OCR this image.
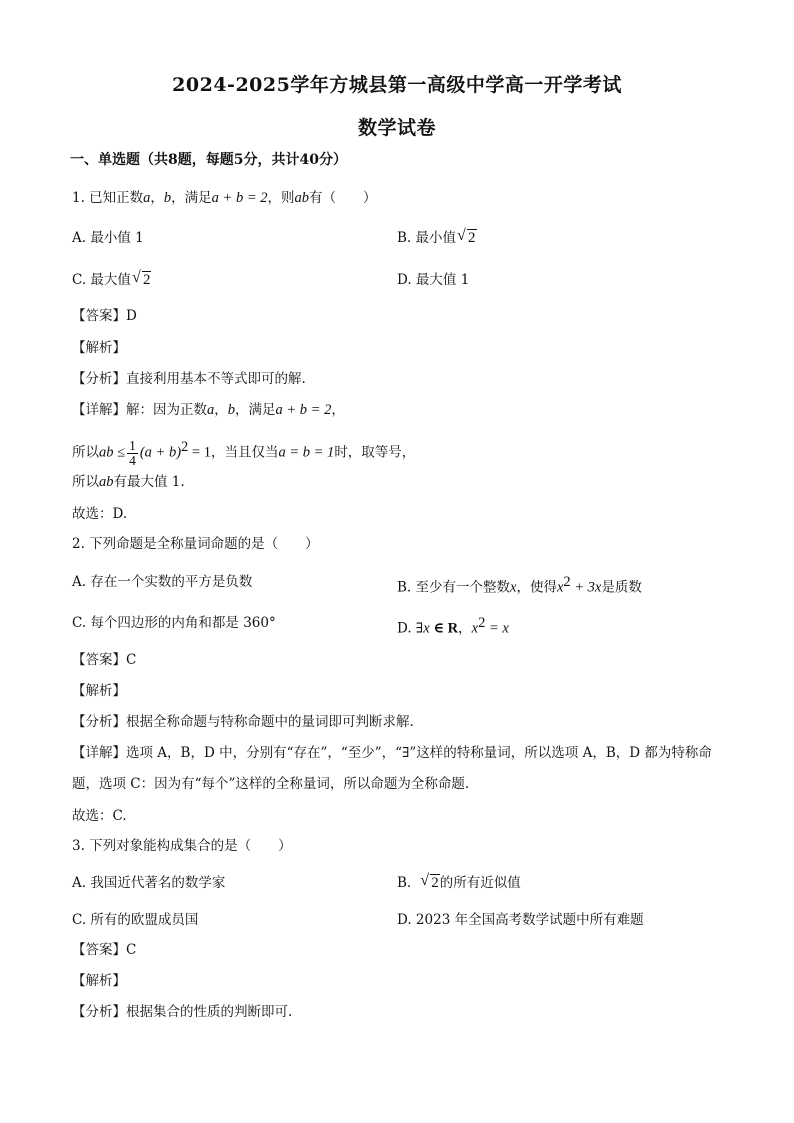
2024-2025学年方城县第一高级中学高一开学考试
数学试卷
一、单选题（共8题，每题5分，共计40分）
1. 已知正数a，b，满足a + b = 2，则ab有（　　）
A. 最小值 1	B. 最小值 √ 2
C. 最大值 √ 2	D. 最大值 1
【答案】D
【解析】
【分析】直接利用基本不等式即可的解.
【详解】解：因为正数a，b，满足a + b = 2，
所以ab ≤ $\frac{1}{4} (a + b)^2 = 1$，当且仅当a = b = 1时，取等号，
所以ab有最大值 1.
故选：D.
2. 下列命题是全称量词命题的是（　　）
A. 存在一个实数的平方是负数	B. 至少有一个整数x，使得$x^2 + 3x$是质数
C. 每个四边形的内角和都是 360°	D. ∃x ∈ R，$x^2 = x$
【答案】C
【解析】
【分析】根据全称命题与特称命题中的量词即可判断求解.
【详解】选项 A，B，D 中，分别有“存在”，“至少”，“∃”这样的特称量词，所以选项 A，B，D 都为特称命
题，选项 C：因为有“每个”这样的全称量词，所以命题为全称命题.
故选：C.
3. 下列对象能构成集合的是（　　）
A. 我国近代著名的数学家	B. √ 2的所有近似值
C. 所有的欧盟成员国	D. 2023 年全国高考数学试题中所有难题
【答案】C
【解析】
【分析】根据集合的性质的判断即可.
